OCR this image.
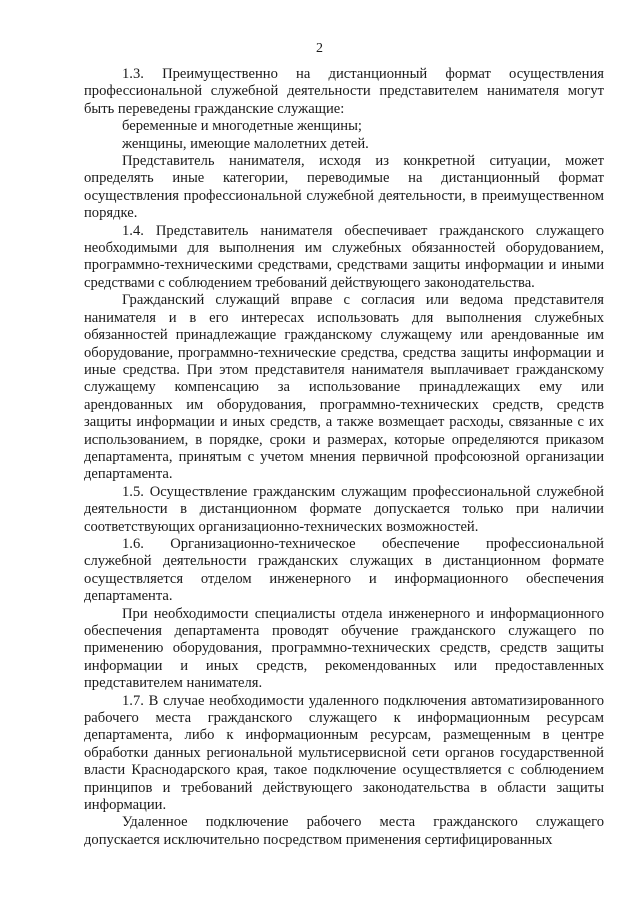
2

1.3. Преимущественно на дистанционный формат осуществления профессиональной служебной деятельности представителем нанимателя могут быть переведены гражданские служащие:

беременные и многодетные женщины;

женщины, имеющие малолетних детей.

Представитель нанимателя, исходя из конкретной ситуации, может определять иные категории, переводимые на дистанционный формат осуществления профессиональной служебной деятельности, в преимущественном порядке.

1.4. Представитель нанимателя обеспечивает гражданского служащего необходимыми для выполнения им служебных обязанностей оборудованием, программно-техническими средствами, средствами защиты информации и иными средствами с соблюдением требований действующего законодательства.

Гражданский служащий вправе с согласия или ведома представителя нанимателя и в его интересах использовать для выполнения служебных обязанностей принадлежащие гражданскому служащему или арендованные им оборудование, программно-технические средства, средства защиты информации и иные средства. При этом представителя нанимателя выплачивает гражданскому служащему компенсацию за использование принадлежащих ему или арендованных им оборудования, программно-технических средств, средств защиты информации и иных средств, а также возмещает расходы, связанные с их использованием, в порядке, сроки и размерах, которые определяются приказом департамента, принятым с учетом мнения первичной профсоюзной организации департамента.

1.5. Осуществление гражданским служащим профессиональной служебной деятельности в дистанционном формате допускается только при наличии соответствующих организационно-технических возможностей.

1.6. Организационно-техническое обеспечение профессиональной служебной деятельности гражданских служащих в дистанционном формате осуществляется отделом инженерного и информационного обеспечения департамента.

При необходимости специалисты отдела инженерного и информационного обеспечения департамента проводят обучение гражданского служащего по применению оборудования, программно-технических средств, средств защиты информации и иных средств, рекомендованных или предоставленных представителем нанимателя.

1.7. В случае необходимости удаленного подключения автоматизированного рабочего места гражданского служащего к информационным ресурсам департамента, либо к информационным ресурсам, размещенным в центре обработки данных региональной мультисервисной сети органов государственной власти Краснодарского края, такое подключение осуществляется с соблюдением принципов и требований действующего законодательства в области защиты информации.

Удаленное подключение рабочего места гражданского служащего допускается исключительно посредством применения сертифицированных
